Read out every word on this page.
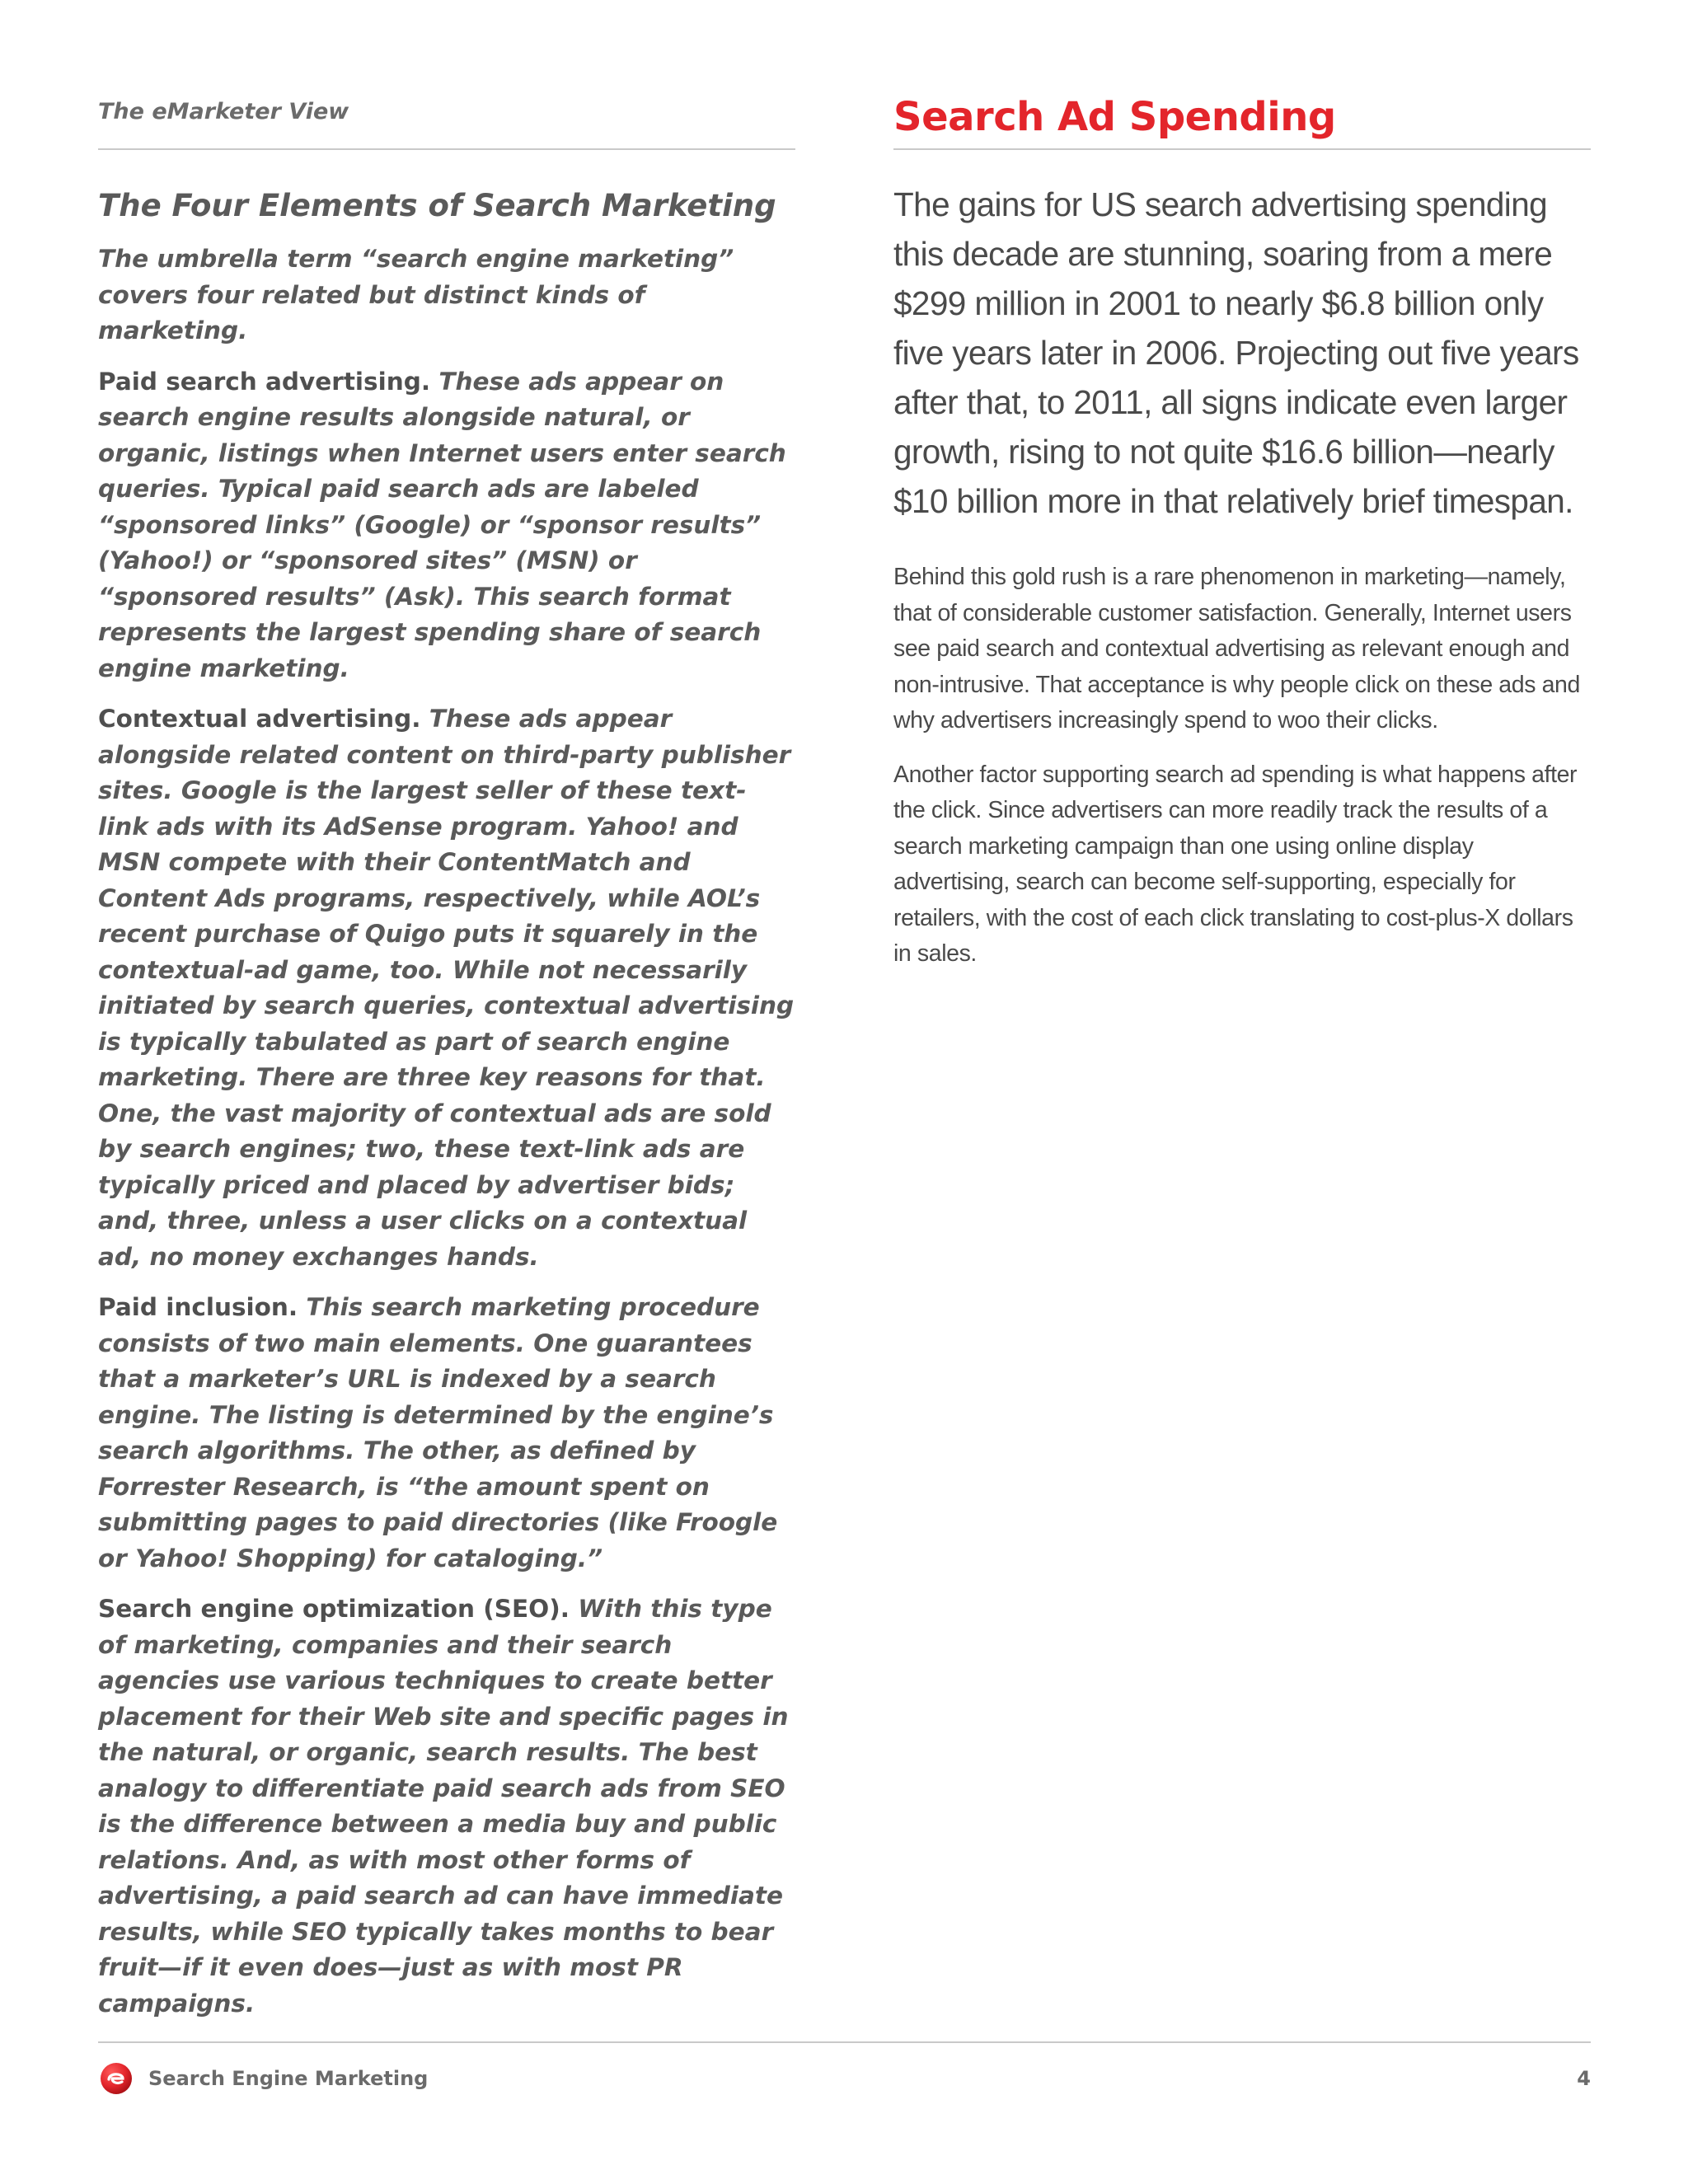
The eMarketer View
The Four Elements of Search Marketing

The umbrella term “search engine marketing” covers four related but distinct kinds of marketing.

Paid search advertising. These ads appear on search engine results alongside natural, or organic, listings when Internet users enter search queries. Typical paid search ads are labeled “sponsored links” (Google) or “sponsor results” (Yahoo!) or “sponsored sites” (MSN) or “sponsored results” (Ask). This search format represents the largest spending share of search engine marketing.

Contextual advertising. These ads appear alongside related content on third-party publisher sites. Google is the largest seller of these text-link ads with its AdSense program. Yahoo! and MSN compete with their ContentMatch and Content Ads programs, respectively, while AOL’s recent purchase of Quigo puts it squarely in the contextual-ad game, too. While not necessarily initiated by search queries, contextual advertising is typically tabulated as part of search engine marketing. There are three key reasons for that. One, the vast majority of contextual ads are sold by search engines; two, these text-link ads are typically priced and placed by advertiser bids; and, three, unless a user clicks on a contextual ad, no money exchanges hands.

Paid inclusion. This search marketing procedure consists of two main elements. One guarantees that a marketer’s URL is indexed by a search engine. The listing is determined by the engine’s search algorithms. The other, as defined by Forrester Research, is “the amount spent on submitting pages to paid directories (like Froogle or Yahoo! Shopping) for cataloging.”

Search engine optimization (SEO). With this type of marketing, companies and their search agencies use various techniques to create better placement for their Web site and specific pages in the natural, or organic, search results. The best analogy to differentiate paid search ads from SEO is the difference between a media buy and public relations. And, as with most other forms of advertising, a paid search ad can have immediate results, while SEO typically takes months to bear fruit—if it even does—just as with most PR campaigns.

Search Ad Spending
The gains for US search advertising spending this decade are stunning, soaring from a mere $299 million in 2001 to nearly $6.8 billion only five years later in 2006. Projecting out five years after that, to 2011, all signs indicate even larger growth, rising to not quite $16.6 billion—nearly $10 billion more in that relatively brief timespan.

Behind this gold rush is a rare phenomenon in marketing—namely, that of considerable customer satisfaction. Generally, Internet users see paid search and contextual advertising as relevant enough and non-intrusive. That acceptance is why people click on these ads and why advertisers increasingly spend to woo their clicks.

Another factor supporting search ad spending is what happens after the click. Since advertisers can more readily track the results of a search marketing campaign than one using online display advertising, search can become self-supporting, especially for retailers, with the cost of each click translating to cost-plus-X dollars in sales.

Search Engine Marketing	4
